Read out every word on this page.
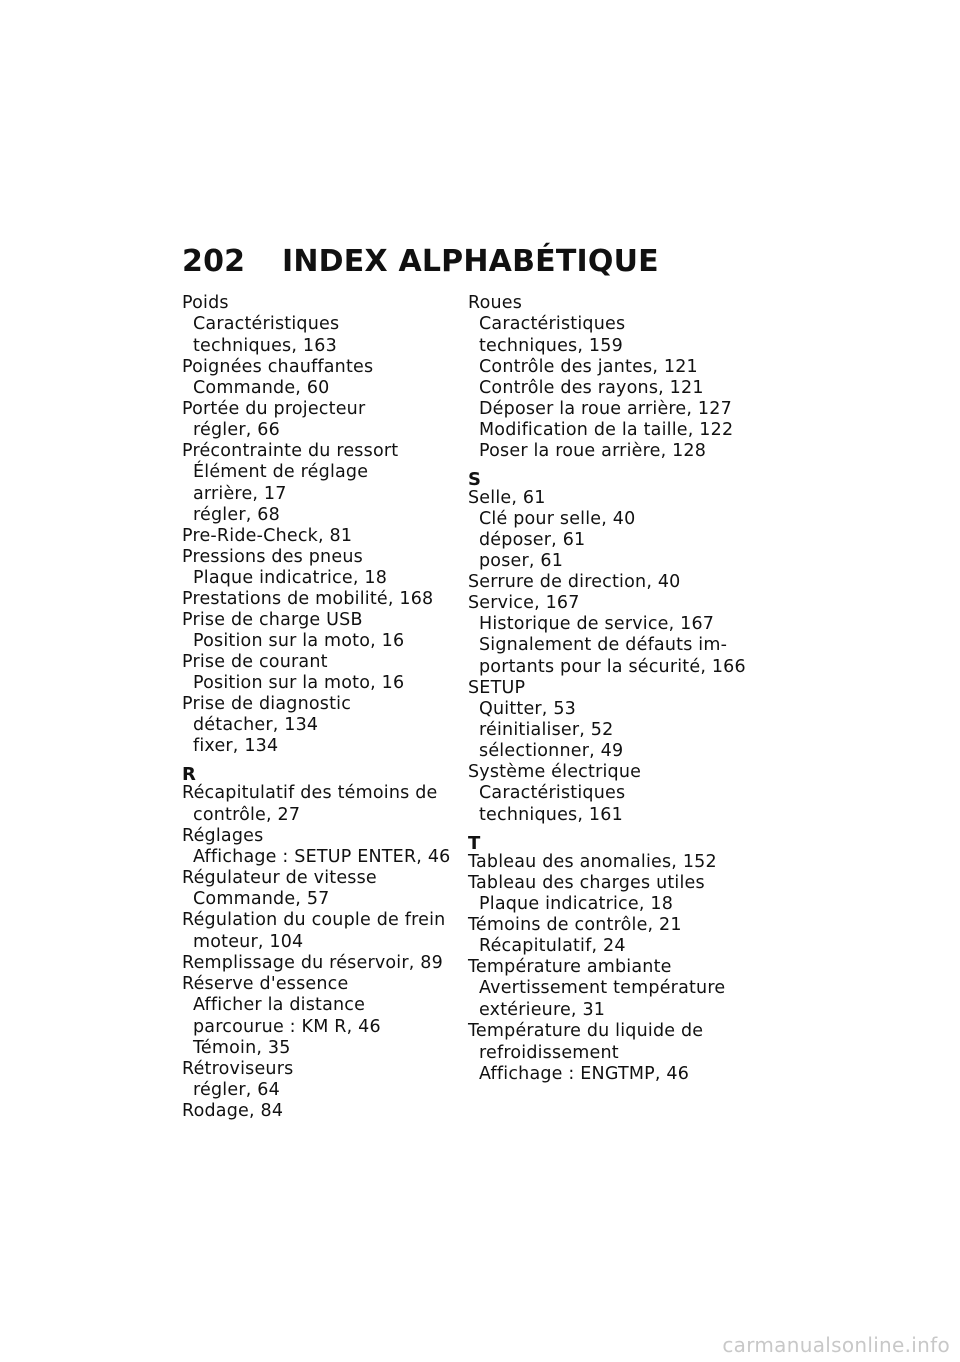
202	INDEX ALPHABÉTIQUE
Poids
Caractéristiques
techniques, 163
Poignées chauffantes
Commande, 60
Portée du projecteur
régler, 66
Précontrainte du ressort
Élément de réglage
arrière, 17
régler, 68
Pre-Ride-Check, 81
Pressions des pneus
Plaque indicatrice, 18
Prestations de mobilité, 168
Prise de charge USB
Position sur la moto, 16
Prise de courant
Position sur la moto, 16
Prise de diagnostic
détacher, 134
fixer, 134
R
Récapitulatif des témoins de
contrôle, 27
Réglages
Affichage : SETUP ENTER, 46
Régulateur de vitesse
Commande, 57
Régulation du couple de frein
moteur, 104
Remplissage du réservoir, 89
Réserve d'essence
Afficher la distance
parcourue : KM R, 46
Témoin, 35
Rétroviseurs
régler, 64
Rodage, 84
Roues
Caractéristiques
techniques, 159
Contrôle des jantes, 121
Contrôle des rayons, 121
Déposer la roue arrière, 127
Modification de la taille, 122
Poser la roue arrière, 128
S
Selle, 61
Clé pour selle, 40
déposer, 61
poser, 61
Serrure de direction, 40
Service, 167
Historique de service, 167
Signalement de défauts im-
portants pour la sécurité, 166
SETUP
Quitter, 53
réinitialiser, 52
sélectionner, 49
Système électrique
Caractéristiques
techniques, 161
T
Tableau des anomalies, 152
Tableau des charges utiles
Plaque indicatrice, 18
Témoins de contrôle, 21
Récapitulatif, 24
Température ambiante
Avertissement température
extérieure, 31
Température du liquide de
refroidissement
Affichage : ENGTMP, 46
carmanualsonline.info
